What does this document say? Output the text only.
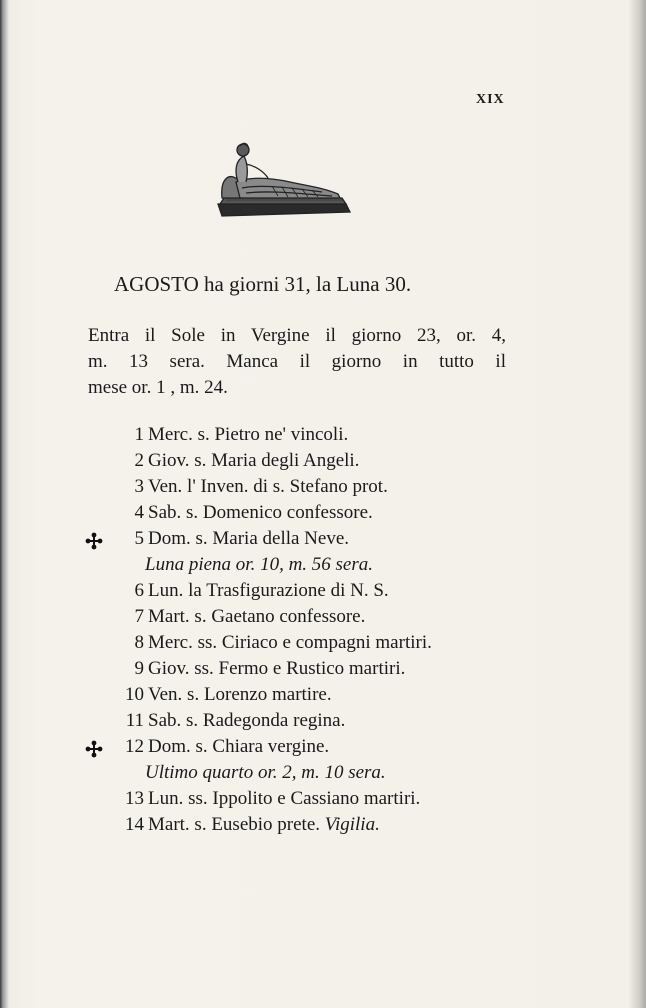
XIX
AGOSTO ha giorni 31, la Luna 30.
Entra il Sole in Vergine il giorno 23, or. 4,
m. 13 sera. Manca il giorno in tutto il
mese or. 1 , m. 24.
1 Merc. s. Pietro ne' vincoli.
2 Giov. s. Maria degli Angeli.
3 Ven. l' Inven. di s. Stefano prot.
4 Sab. s. Domenico confessore.
5 Dom. s. Maria della Neve.
Luna piena or. 10, m. 56 sera.
6 Lun. la Trasfigurazione di N. S.
7 Mart. s. Gaetano confessore.
8 Merc. ss. Ciriaco e compagni martiri.
9 Giov. ss. Fermo e Rustico martiri.
10 Ven. s. Lorenzo martire.
11 Sab. s. Radegonda regina.
12 Dom. s. Chiara vergine.
Ultimo quarto or. 2, m. 10 sera.
13 Lun. ss. Ippolito e Cassiano martiri.
14 Mart. s. Eusebio prete. Vigilia.
